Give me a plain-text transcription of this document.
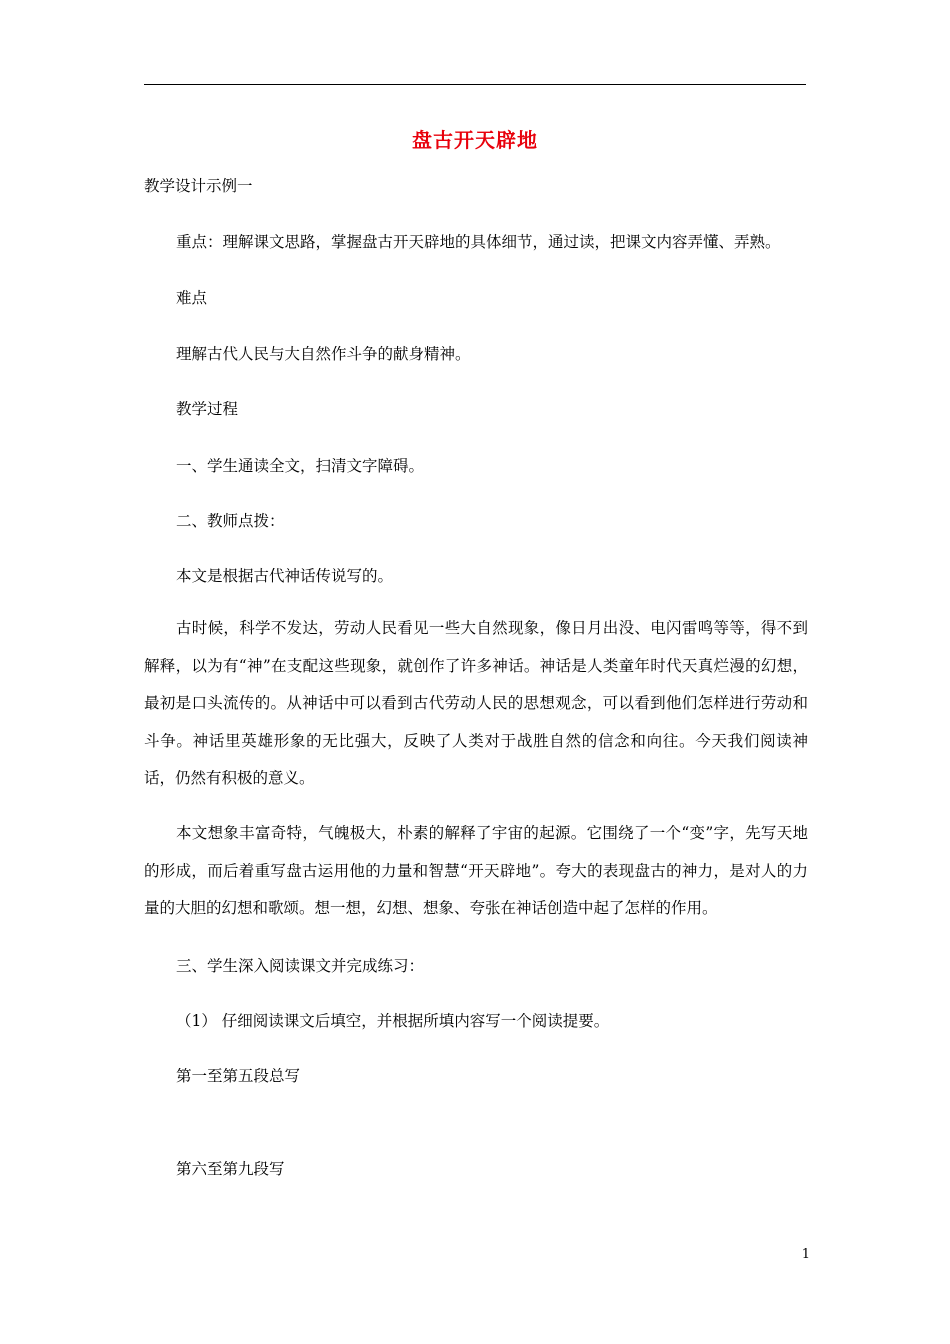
盘古开天辟地
教学设计示例一
重点：理解课文思路，掌握盘古开天辟地的具体细节，通过读，把课文内容弄懂、弄熟。
难点
理解古代人民与大自然作斗争的献身精神。
教学过程
一、学生通读全文，扫清文字障碍。
二、教师点拨：
本文是根据古代神话传说写的。
古时候，科学不发达，劳动人民看见一些大自然现象，像日月出没、电闪雷鸣等等，得不到解释，以为有“神”在支配这些现象，就创作了许多神话。神话是人类童年时代天真烂漫的幻想，最初是口头流传的。从神话中可以看到古代劳动人民的思想观念，可以看到他们怎样进行劳动和斗争。神话里英雄形象的无比强大，反映了人类对于战胜自然的信念和向往。今天我们阅读神话，仍然有积极的意义。
本文想象丰富奇特，气魄极大，朴素的解释了宇宙的起源。它围绕了一个“变”字，先写天地的形成，而后着重写盘古运用他的力量和智慧“开天辟地”。夸大的表现盘古的神力，是对人的力量的大胆的幻想和歌颂。想一想，幻想、想象、夸张在神话创造中起了怎样的作用。
三、学生深入阅读课文并完成练习：
（1） 仔细阅读课文后填空，并根据所填内容写一个阅读提要。
第一至第五段总写
第六至第九段写
1
